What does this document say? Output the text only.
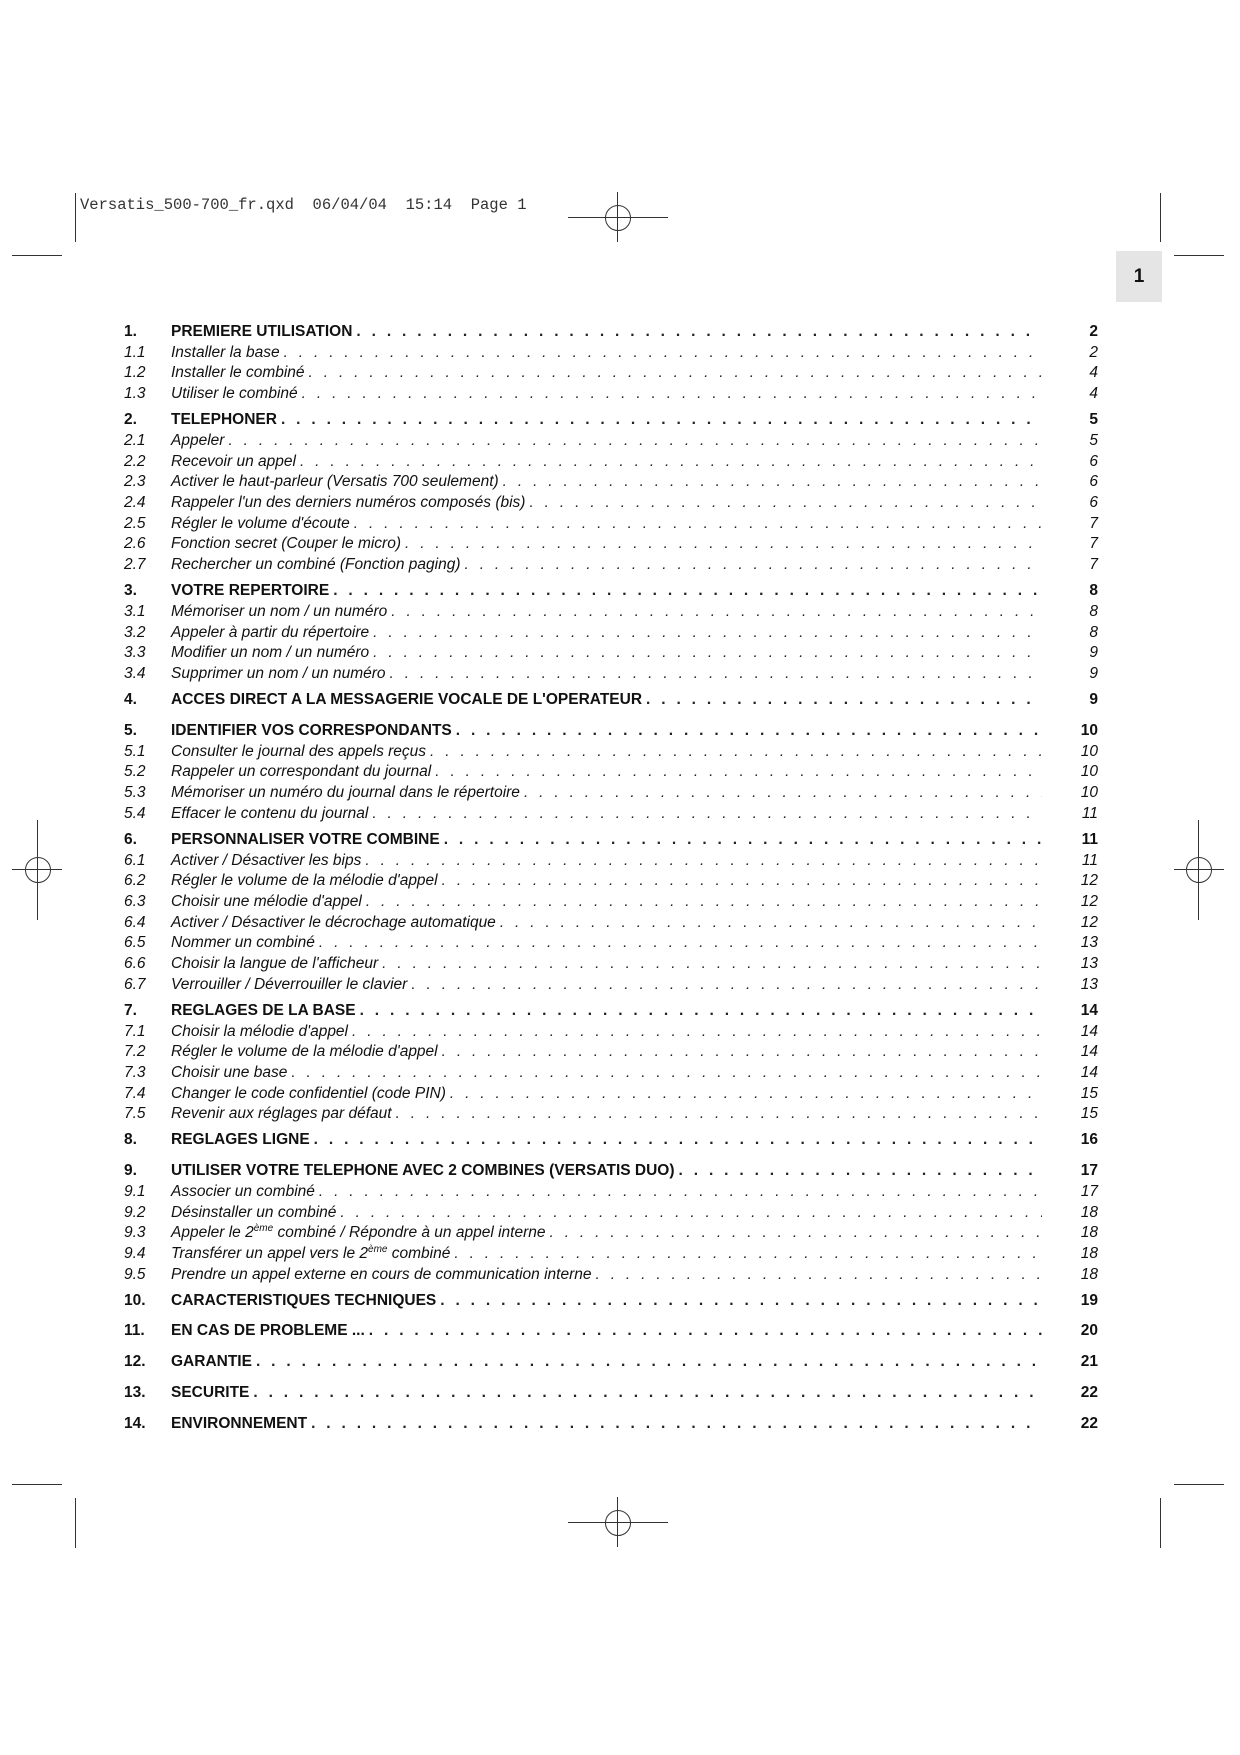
Versatis_500-700_fr.qxd 06/04/04 15:14 Page 1
1
1.	PREMIERE UTILISATION . . .	2
1.1	Installer la base . . .	2
1.2	Installer le combiné . . .	4
1.3	Utiliser le combiné . . .	4
2.	TELEPHONER . . .	5
2.1	Appeler . . .	5
2.2	Recevoir un appel . . .	6
2.3	Activer le haut-parleur (Versatis 700 seulement) . . .	6
2.4	Rappeler l'un des derniers numéros composés (bis) . . .	6
2.5	Régler le volume d'écoute . . .	7
2.6	Fonction secret (Couper le micro) . . .	7
2.7	Rechercher un combiné (Fonction paging) . . .	7
3.	VOTRE REPERTOIRE . . .	8
3.1	Mémoriser un nom / un numéro . . .	8
3.2	Appeler à partir du répertoire . . .	8
3.3	Modifier un nom / un numéro . . .	9
3.4	Supprimer un nom / un numéro . . .	9
4.	ACCES DIRECT A LA MESSAGERIE VOCALE DE L'OPERATEUR . . .	9
5.	IDENTIFIER VOS CORRESPONDANTS . . .	10
5.1	Consulter le journal des appels reçus . . .	10
5.2	Rappeler un correspondant du journal . . .	10
5.3	Mémoriser un numéro du journal dans le répertoire . . .	10
5.4	Effacer le contenu du journal . . .	11
6.	PERSONNALISER VOTRE COMBINE . . .	11
6.1	Activer / Désactiver les bips . . .	11
6.2	Régler le volume de la mélodie d'appel . . .	12
6.3	Choisir une mélodie d'appel . . .	12
6.4	Activer / Désactiver le décrochage automatique . . .	12
6.5	Nommer un combiné . . .	13
6.6	Choisir la langue de l'afficheur . . .	13
6.7	Verrouiller / Déverrouiller le clavier . . .	13
7.	REGLAGES DE LA BASE . . .	14
7.1	Choisir la mélodie d'appel . . .	14
7.2	Régler le volume de la mélodie d'appel . . .	14
7.3	Choisir une base . . .	14
7.4	Changer le code confidentiel (code PIN) . . .	15
7.5	Revenir aux réglages par défaut . . .	15
8.	REGLAGES LIGNE . . .	16
9.	UTILISER VOTRE TELEPHONE AVEC 2 COMBINES (VERSATIS DUO) . . .	17
9.1	Associer un combiné . . .	17
9.2	Désinstaller un combiné . . .	18
9.3	Appeler le 2ème combiné / Répondre à un appel interne . . .	18
9.4	Transférer un appel vers le 2ème combiné . . .	18
9.5	Prendre un appel externe en cours de communication interne . . .	18
10.	CARACTERISTIQUES TECHNIQUES . . .	19
11.	EN CAS DE PROBLEME ... . . .	20
12.	GARANTIE . . .	21
13.	SECURITE . . .	22
14.	ENVIRONNEMENT . . .	22
